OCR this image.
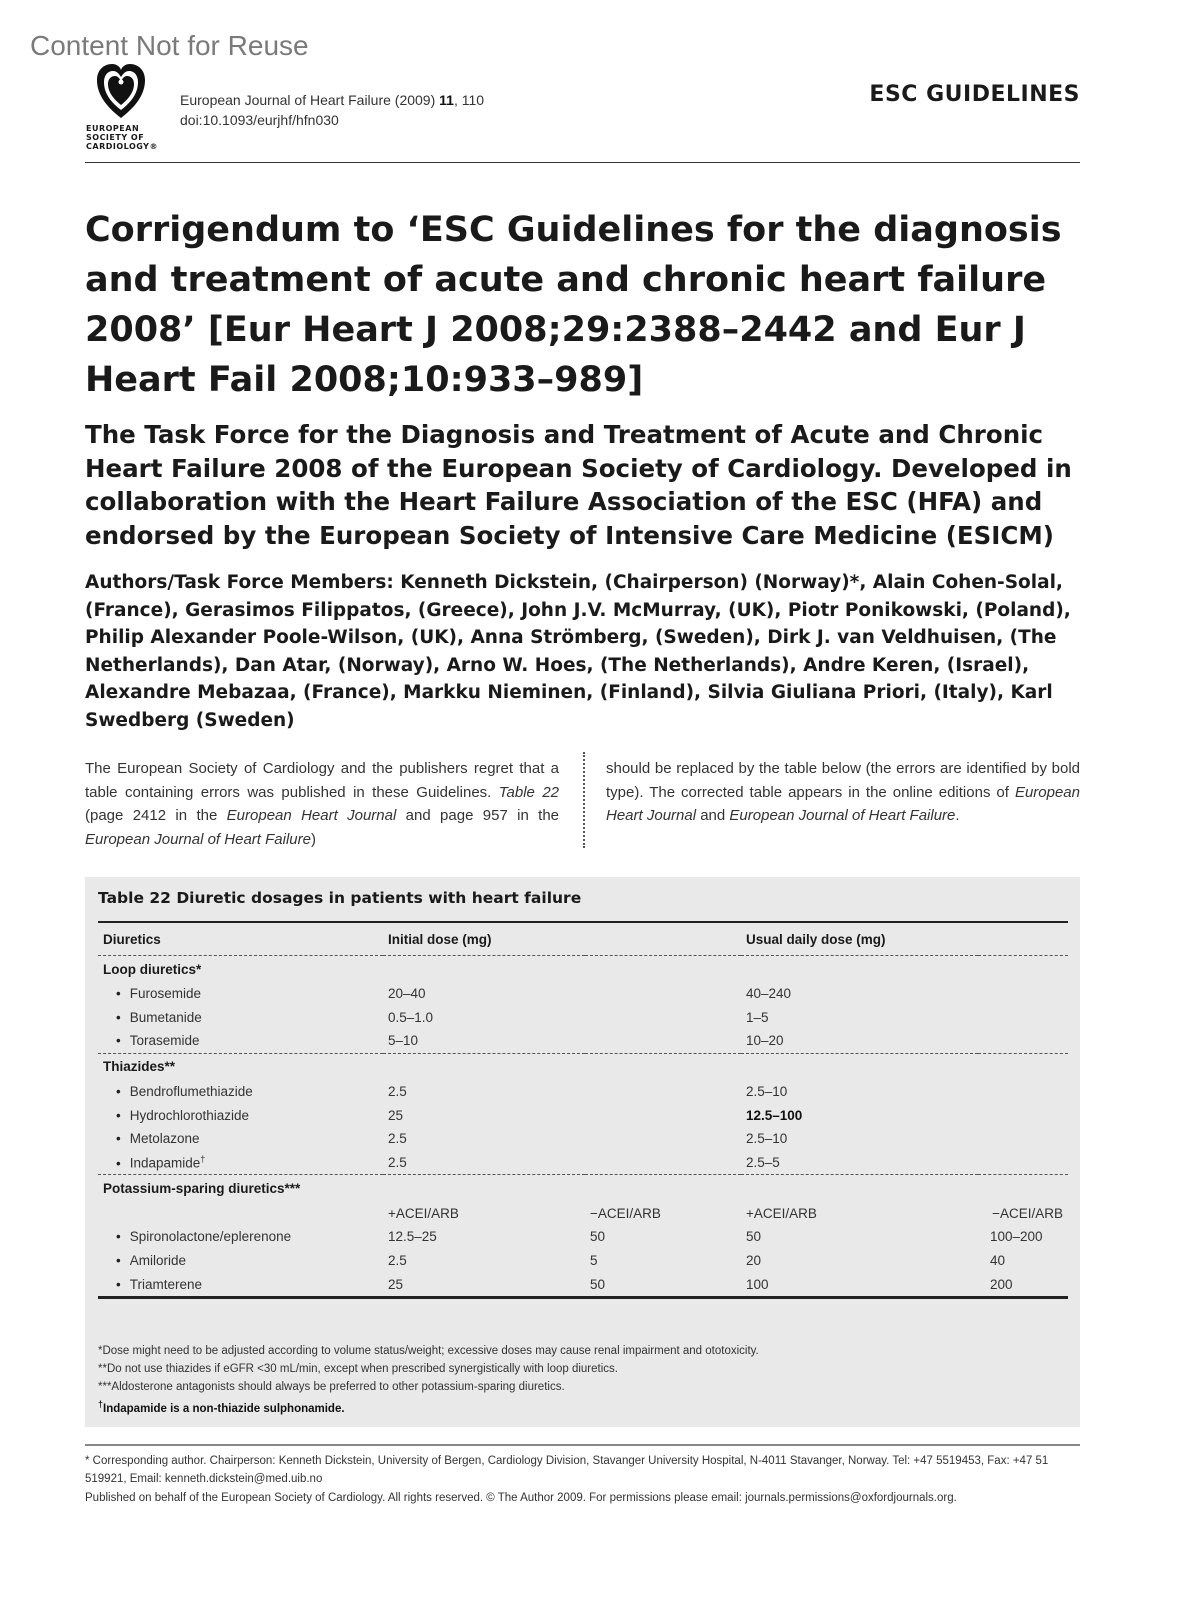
Content Not for Reuse
EUROPEAN
SOCIETY OF
CARDIOLOGY®
European Journal of Heart Failure (2009) 11, 110
doi:10.1093/eurjhf/hfn030
ESC GUIDELINES
Corrigendum to ‘ESC Guidelines for the diagnosis and treatment of acute and chronic heart failure 2008’ [Eur Heart J 2008;29:2388–2442 and Eur J Heart Fail 2008;10:933–989]
The Task Force for the Diagnosis and Treatment of Acute and Chronic Heart Failure 2008 of the European Society of Cardiology. Developed in collaboration with the Heart Failure Association of the ESC (HFA) and endorsed by the European Society of Intensive Care Medicine (ESICM)

Authors/Task Force Members: Kenneth Dickstein, (Chairperson) (Norway)*, Alain Cohen-Solal, (France), Gerasimos Filippatos, (Greece), John J.V. McMurray, (UK), Piotr Ponikowski, (Poland), Philip Alexander Poole-Wilson, (UK), Anna Strömberg, (Sweden), Dirk J. van Veldhuisen, (The Netherlands), Dan Atar, (Norway), Arno W. Hoes, (The Netherlands), Andre Keren, (Israel), Alexandre Mebazaa, (France), Markku Nieminen, (Finland), Silvia Giuliana Priori, (Italy), Karl Swedberg (Sweden)

The European Society of Cardiology and the publishers regret that a table containing errors was published in these Guidelines. Table 22 (page 2412 in the European Heart Journal and page 957 in the European Journal of Heart Failure)
should be replaced by the table below (the errors are identified by bold type). The corrected table appears in the online editions of European Heart Journal and European Journal of Heart Failure.
Table 22 Diuretic dosages in patients with heart failure
Diuretics	Initial dose (mg)		Usual daily dose (mg)	

Loop diuretics*				
• Furosemide	20–40		40–240	
• Bumetanide	0.5–1.0		1–5	
• Torasemide	5–10		10–20	

Thiazides**				
• Bendroflumethiazide	2.5		2.5–10	
• Hydrochlorothiazide	25		12.5–100	
• Metolazone	2.5		2.5–10	
• Indapamide†	2.5		2.5–5	

Potassium-sparing diuretics***				
	+ACEI/ARB	−ACEI/ARB	+ACEI/ARB	−ACEI/ARB
• Spironolactone/eplerenone	12.5–25	50	50	100–200
• Amiloride	2.5	5	20	40
• Triamterene	25	50	100	200
*Dose might need to be adjusted according to volume status/weight; excessive doses may cause renal impairment and ototoxicity.
**Do not use thiazides if eGFR <30 mL/min, except when prescribed synergistically with loop diuretics.
***Aldosterone antagonists should always be preferred to other potassium-sparing diuretics.
†Indapamide is a non-thiazide sulphonamide.
* Corresponding author. Chairperson: Kenneth Dickstein, University of Bergen, Cardiology Division, Stavanger University Hospital, N-4011 Stavanger, Norway. Tel: +47 5519453, Fax: +47 51 519921, Email: kenneth.dickstein@med.uib.no
Published on behalf of the European Society of Cardiology. All rights reserved. © The Author 2009. For permissions please email: journals.permissions@oxfordjournals.org.
